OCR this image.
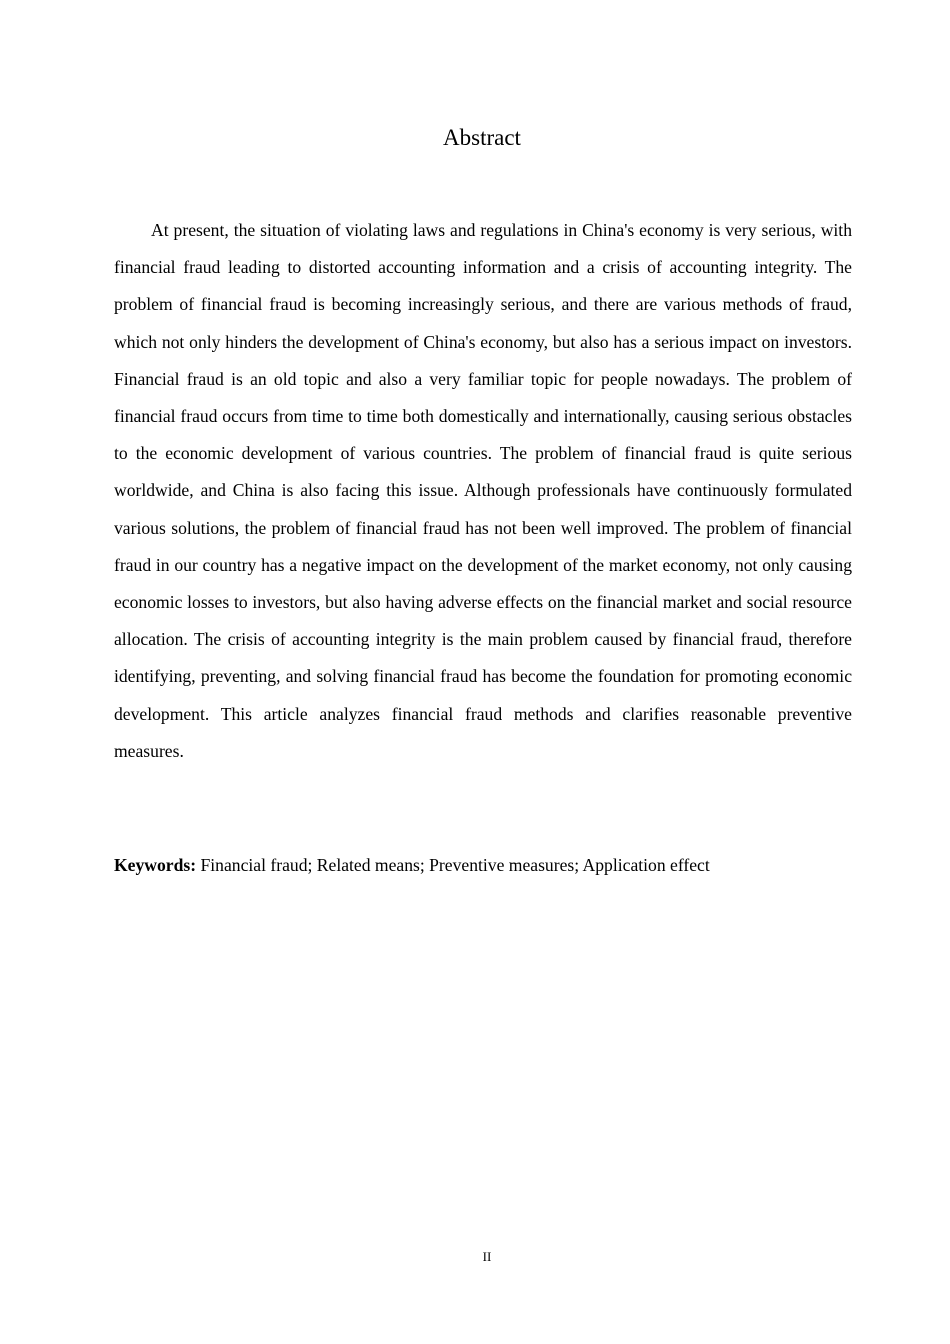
Abstract

At present, the situation of violating laws and regulations in China's economy is very serious, with financial fraud leading to distorted accounting information and a crisis of accounting integrity. The problem of financial fraud is becoming increasingly serious, and there are various methods of fraud, which not only hinders the development of China's economy, but also has a serious impact on investors. Financial fraud is an old topic and also a very familiar topic for people nowadays. The problem of financial fraud occurs from time to time both domestically and internationally, causing serious obstacles to the economic development of various countries. The problem of financial fraud is quite serious worldwide, and China is also facing this issue. Although professionals have continuously formulated various solutions, the problem of financial fraud has not been well improved. The problem of financial fraud in our country has a negative impact on the development of the market economy, not only causing economic losses to investors, but also having adverse effects on the financial market and social resource allocation. The crisis of accounting integrity is the main problem caused by financial fraud, therefore identifying, preventing, and solving financial fraud has become the foundation for promoting economic development. This article analyzes financial fraud methods and clarifies reasonable preventive measures.

Keywords: Financial fraud; Related means; Preventive measures; Application effect

II
